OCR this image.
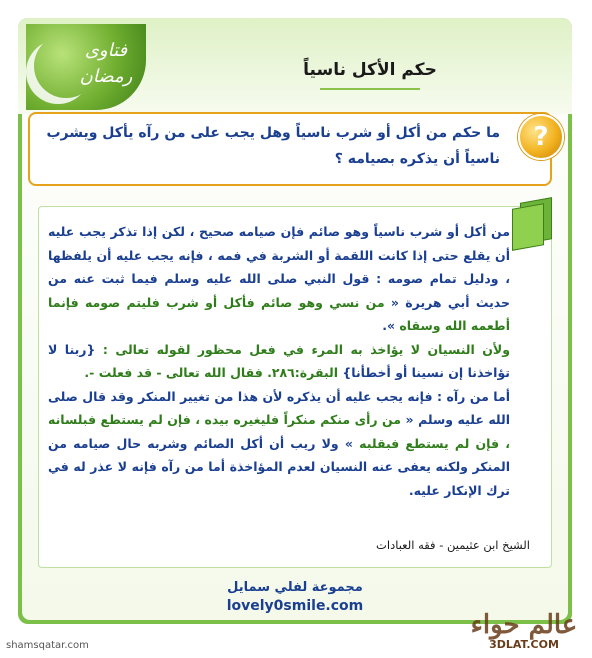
فتاوى
رمضان	حكم الأكل ناسياً
?
ما حكم من أكل أو شرب ناسياً وهل يجب على من رآه يأكل ويشرب ناسياً أن يذكره بصيامه ؟

من أكل أو شرب ناسياً وهو صائم فإن صيامه صحيح ، لكن إذا تذكر يجب عليه أن يقلع حتى إذا كانت اللقمة أو الشربة في فمه ، فإنه يجب عليه أن يلفظها ، ودليل تمام صومه : قول النبي صلى الله عليه وسلم فيما ثبت عنه من حديث أبي هريرة « من نسي وهو صائم فأكل أو شرب فليتم صومه فإنما أطعمه الله وسقاه ».

ولأن النسيان لا يؤاخذ به المرء في فعل محظور لقوله تعالى : {ربنا لا تؤاخذنا إن نسينا أو أخطأنا} البقرة:٢٨٦. فقال الله تعالى - قد فعلت -.

أما من رآه : فإنه يجب عليه أن يذكره لأن هذا من تغيير المنكر وقد قال صلى الله عليه وسلم « من رأى منكم منكراً فليغيره بيده ، فإن لم يستطع فبلسانه ، فإن لم يستطع فبقلبه » ولا ريب أن أكل الصائم وشربه حال صيامه من المنكر ولكنه يعفى عنه النسيان لعدم المؤاخذة أما من رآه فإنه لا عذر له في ترك الإنكار عليه.

الشيخ ابن عثيمين - فقه العبادات
مجموعة لفلي سمايل
lovely0smile.com
shamsqatar.com
عالم حواء
3DLAT.COM
